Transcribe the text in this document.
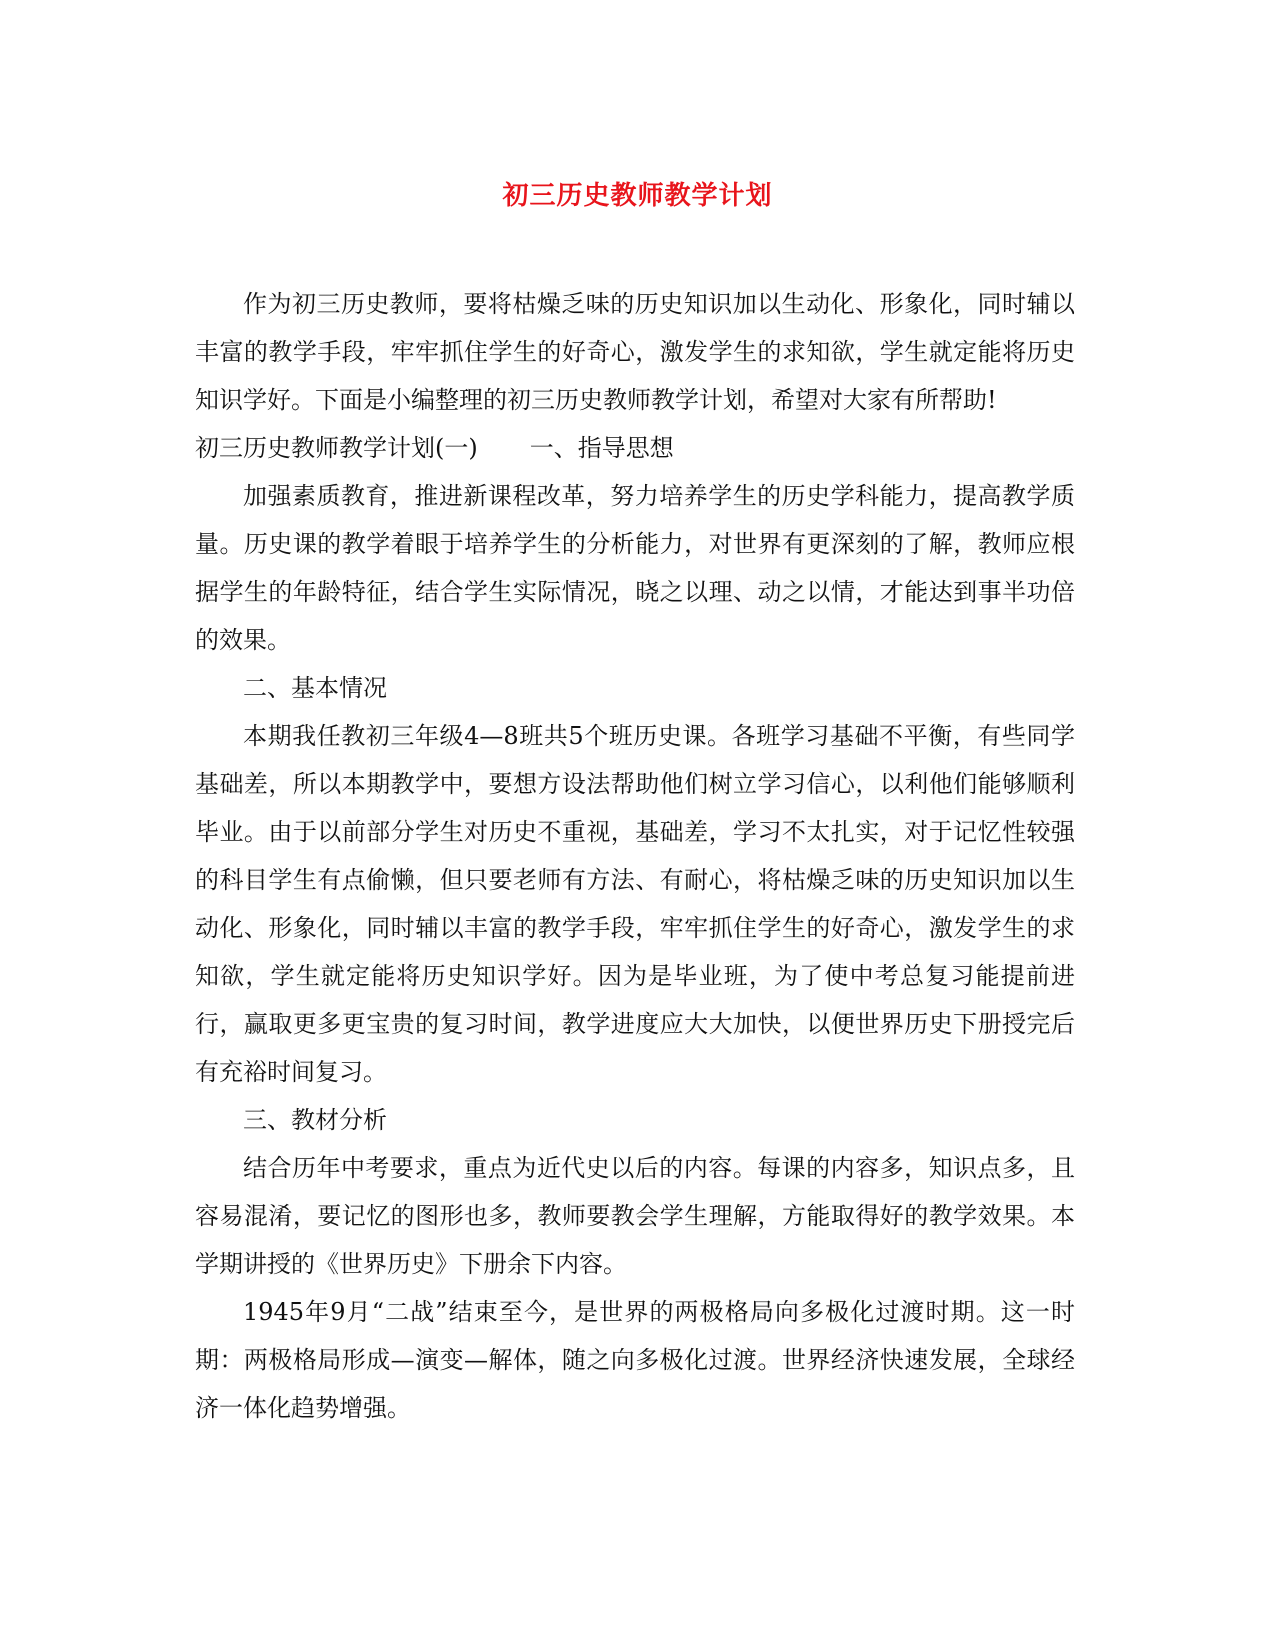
初三历史教师教学计划

作为初三历史教师，要将枯燥乏味的历史知识加以生动化、形象化，同时辅以丰富的教学手段，牢牢抓住学生的好奇心，激发学生的求知欲，学生就定能将历史知识学好。下面是小编整理的初三历史教师教学计划，希望对大家有所帮助!

初三历史教师教学计划(一) 一、指导思想

加强素质教育，推进新课程改革，努力培养学生的历史学科能力，提高教学质量。历史课的教学着眼于培养学生的分析能力，对世界有更深刻的了解，教师应根据学生的年龄特征，结合学生实际情况，晓之以理、动之以情，才能达到事半功倍的效果。

二、基本情况

本期我任教初三年级4—8班共5个班历史课。各班学习基础不平衡，有些同学基础差，所以本期教学中，要想方设法帮助他们树立学习信心，以利他们能够顺利毕业。由于以前部分学生对历史不重视，基础差，学习不太扎实，对于记忆性较强的科目学生有点偷懒，但只要老师有方法、有耐心，将枯燥乏味的历史知识加以生动化、形象化，同时辅以丰富的教学手段，牢牢抓住学生的好奇心，激发学生的求知欲，学生就定能将历史知识学好。因为是毕业班，为了使中考总复习能提前进行，赢取更多更宝贵的复习时间，教学进度应大大加快，以便世界历史下册授完后有充裕时间复习。

三、教材分析

结合历年中考要求，重点为近代史以后的内容。每课的内容多，知识点多，且容易混淆，要记忆的图形也多，教师要教会学生理解，方能取得好的教学效果。本学期讲授的《世界历史》下册余下内容。

1945年9月“二战”结束至今，是世界的两极格局向多极化过渡时期。这一时期：两极格局形成—演变—解体，随之向多极化过渡。世界经济快速发展，全球经济一体化趋势增强。
